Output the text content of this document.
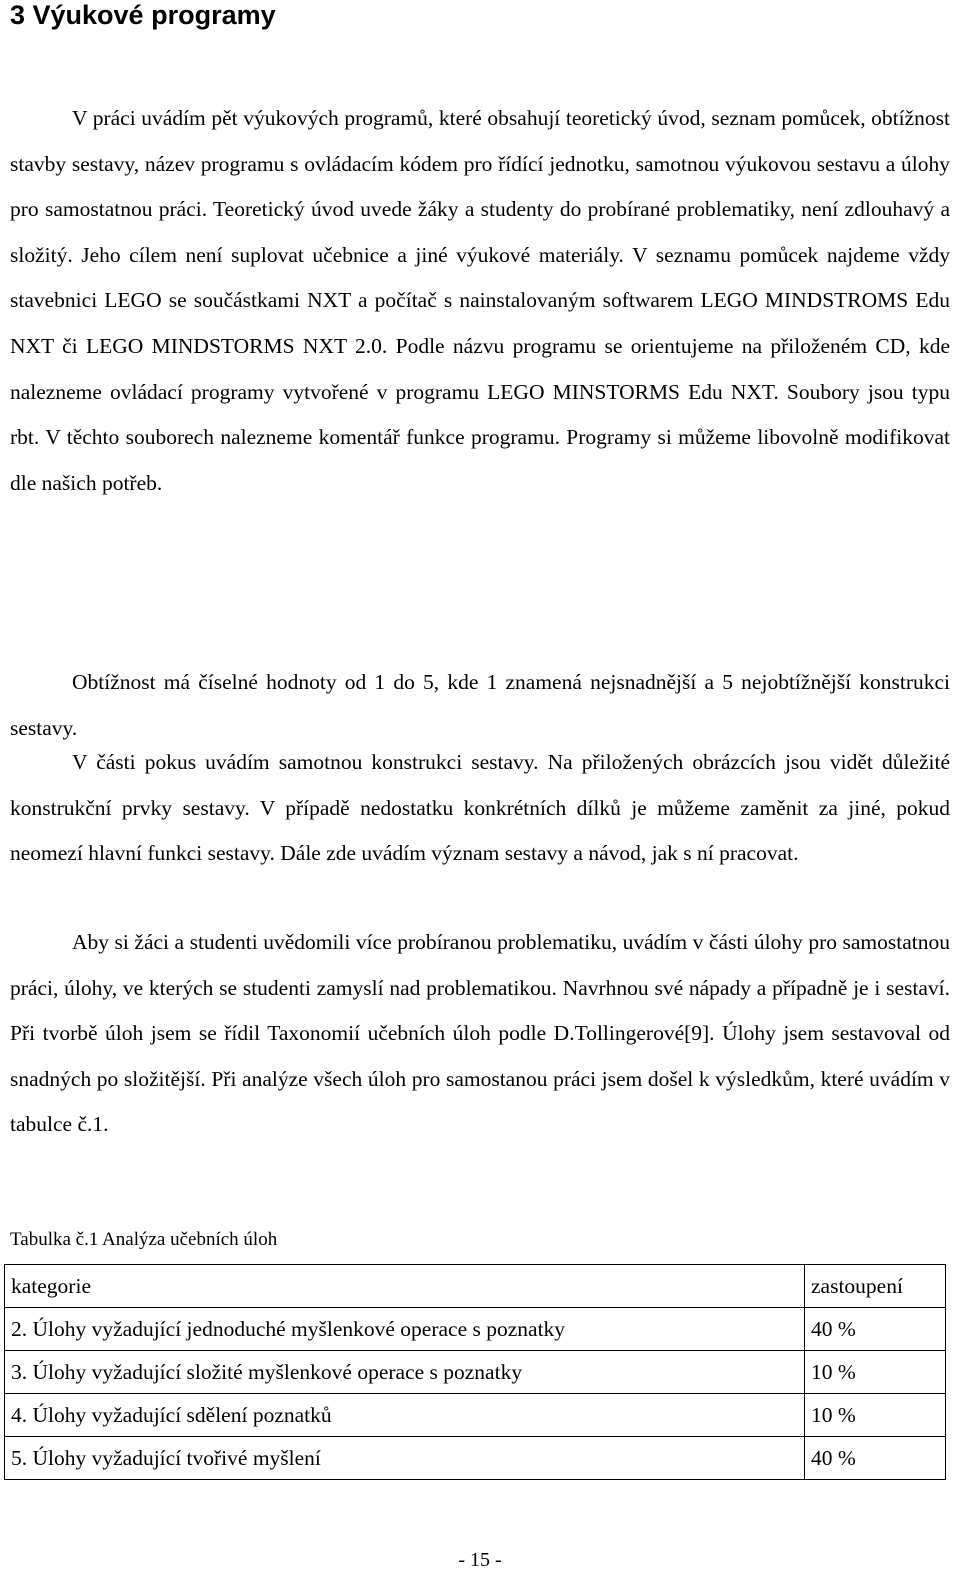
3 Výukové programy

V práci uvádím pět výukových programů, které obsahují teoretický úvod, seznam pomůcek, obtížnost stavby sestavy, název programu s ovládacím kódem pro řídící jednotku, samotnou výukovou sestavu a úlohy pro samostatnou práci. Teoretický úvod uvede žáky a studenty do probírané problematiky, není zdlouhavý a složitý. Jeho cílem není suplovat učebnice a jiné výukové materiály. V seznamu pomůcek najdeme vždy stavebnici LEGO se součástkami NXT a počítač s nainstalovaným softwarem LEGO MINDSTROMS Edu NXT či LEGO MINDSTORMS NXT 2.0. Podle názvu programu se orientujeme na přiloženém CD, kde nalezneme ovládací programy vytvořené v programu LEGO MINSTORMS Edu NXT. Soubory jsou typu rbt. V těchto souborech nalezneme komentář funkce programu. Programy si můžeme libovolně modifikovat dle našich potřeb.

Obtížnost má číselné hodnoty od 1 do 5, kde 1 znamená nejsnadnější a 5 nejobtížnější konstrukci sestavy.

V části pokus uvádím samotnou konstrukci sestavy. Na přiložených obrázcích jsou vidět důležité konstrukční prvky sestavy. V případě nedostatku konkrétních dílků je můžeme zaměnit za jiné, pokud neomezí hlavní funkci sestavy. Dále zde uvádím význam sestavy a návod, jak s ní pracovat.

Aby si žáci a studenti uvědomili více probíranou problematiku, uvádím v části úlohy pro samostatnou práci, úlohy, ve kterých se studenti zamyslí nad problematikou. Navrhnou své nápady a případně je i sestaví. Při tvorbě úloh jsem se řídil Taxonomií učebních úloh podle D.Tollingerové[9]. Úlohy jsem sestavoval od snadných po složitější. Při analýze všech úloh pro samostanou práci jsem došel k výsledkům, které uvádím v tabulce č.1.

Tabulka č.1 Analýza učebních úloh
kategorie	zastoupení
2. Úlohy vyžadující jednoduché myšlenkové operace s poznatky	40 %
3. Úlohy vyžadující složité myšlenkové operace s poznatky	10 %
4. Úlohy vyžadující sdělení poznatků	10 %
5. Úlohy vyžadující tvořivé myšlení	40 %
- 15 -
